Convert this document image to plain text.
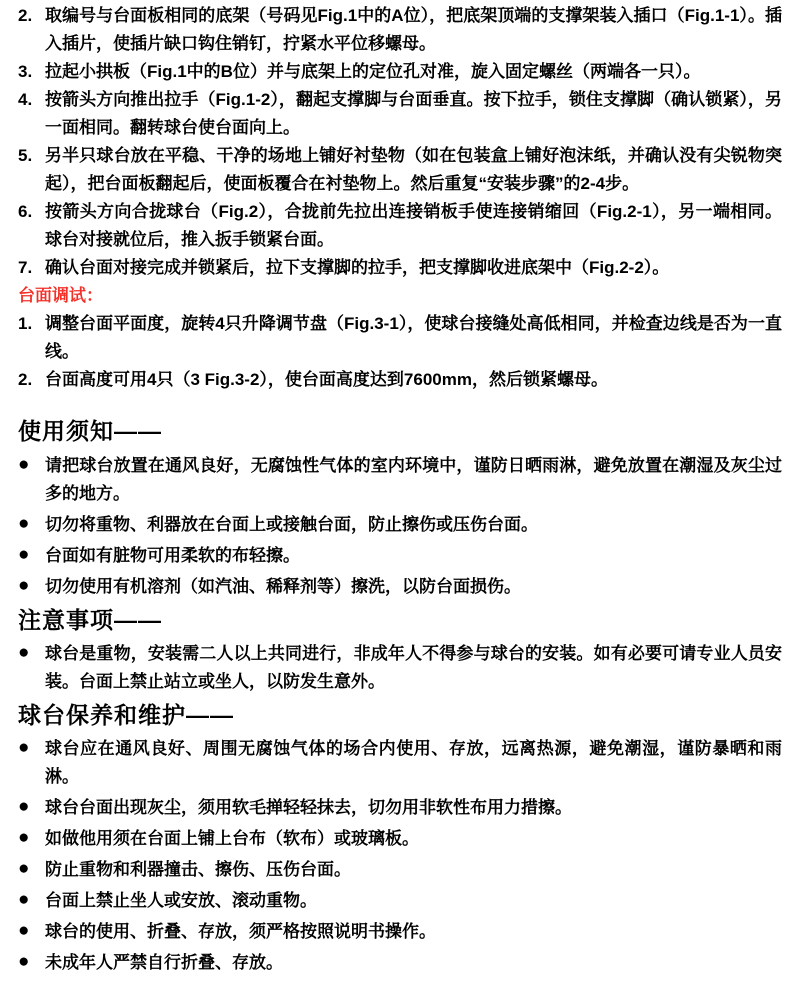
2. 取编号与台面板相同的底架（号码见Fig.1中的A位），把底架顶端的支撑架装入插口（Fig.1-1）。插入插片，使插片缺口钩住销钉，拧紧水平位移螺母。
3. 拉起小拱板（Fig.1中的B位）并与底架上的定位孔对准，旋入固定螺丝（两端各一只）。
4. 按箭头方向推出拉手（Fig.1-2），翻起支撑脚与台面垂直。按下拉手，锁住支撑脚（确认锁紧），另一面相同。翻转球台使台面向上。
5. 另半只球台放在平稳、干净的场地上铺好衬垫物（如在包装盒上铺好泡沫纸，并确认没有尖锐物突起），把台面板翻起后，使面板覆合在衬垫物上。然后重复“安装步骤”的2-4步。
6. 按箭头方向合拢球台（Fig.2），合拢前先拉出连接销板手使连接销缩回（Fig.2-1），另一端相同。球台对接就位后，推入扳手锁紧台面。
7. 确认台面对接完成并锁紧后，拉下支撑脚的拉手，把支撑脚收进底架中（Fig.2-2）。
台面调试：
1. 调整台面平面度，旋转4只升降调节盘（Fig.3-1），使球台接缝处高低相同，并检查边线是否为一直线。
2. 台面高度可用4只（3 Fig.3-2），使台面高度达到7600mm，然后锁紧螺母。
使用须知——
● 请把球台放置在通风良好，无腐蚀性气体的室内环境中，谨防日晒雨淋，避免放置在潮湿及灰尘过多的地方。
● 切勿将重物、利器放在台面上或接触台面，防止擦伤或压伤台面。
● 台面如有脏物可用柔软的布轻擦。
● 切勿使用有机溶剂（如汽油、稀释剂等）擦洗，以防台面损伤。
注意事项——
● 球台是重物，安装需二人以上共同进行，非成年人不得参与球台的安装。如有必要可请专业人员安装。台面上禁止站立或坐人，以防发生意外。
球台保养和维护——
● 球台应在通风良好、周围无腐蚀气体的场合内使用、存放，远离热源，避免潮湿，谨防暴晒和雨淋。
● 球台台面出现灰尘，须用软毛掸轻轻抹去，切勿用非软性布用力措擦。
● 如做他用须在台面上铺上台布（软布）或玻璃板。
● 防止重物和利器撞击、擦伤、压伤台面。
● 台面上禁止坐人或安放、滚动重物。
● 球台的使用、折叠、存放，须严格按照说明书操作。
● 未成年人严禁自行折叠、存放。
